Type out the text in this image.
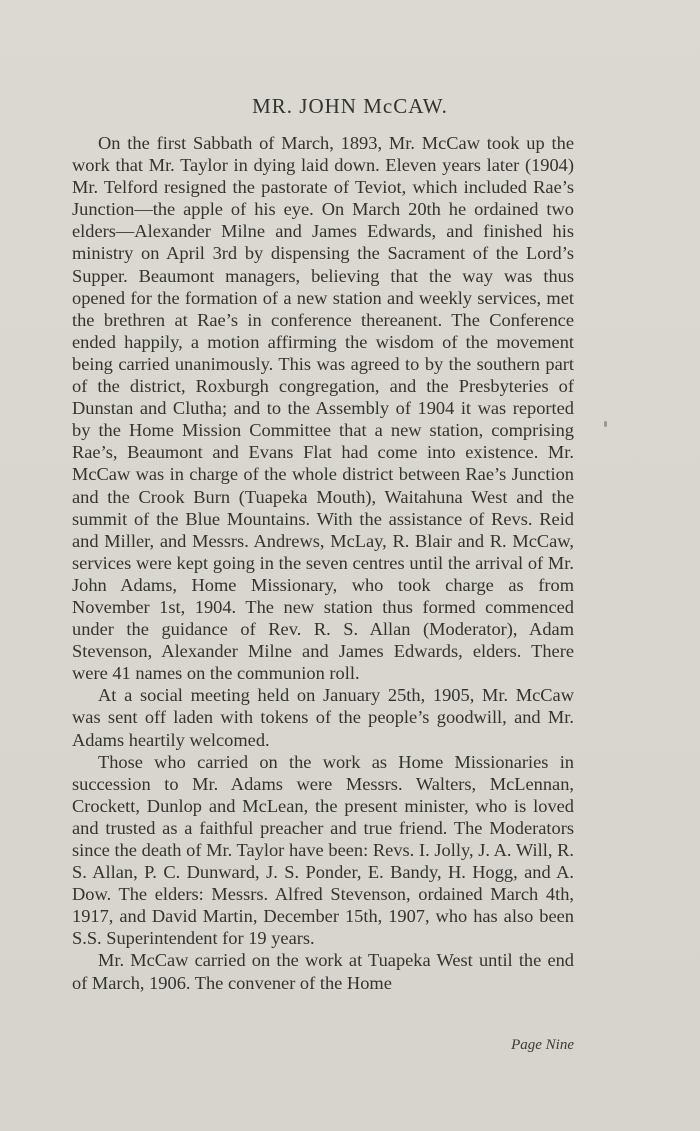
MR. JOHN McCAW.

On the first Sabbath of March, 1893, Mr. McCaw took up the work that Mr. Taylor in dying laid down. Eleven years later (1904) Mr. Telford resigned the pastorate of Teviot, which included Rae’s Junction—the apple of his eye. On March 20th he ordained two elders—Alexander Milne and James Edwards, and finished his ministry on April 3rd by dispensing the Sacrament of the Lord’s Supper. Beaumont managers, believing that the way was thus opened for the formation of a new station and weekly services, met the brethren at Rae’s in conference thereanent. The Conference ended happily, a motion affirming the wisdom of the movement being carried unanimously. This was agreed to by the southern part of the district, Roxburgh congregation, and the Presbyteries of Dunstan and Clutha; and to the Assembly of 1904 it was reported by the Home Mission Committee that a new station, comprising Rae’s, Beaumont and Evans Flat had come into existence. Mr. McCaw was in charge of the whole district between Rae’s Junction and the Crook Burn (Tuapeka Mouth), Waitahuna West and the summit of the Blue Mountains. With the assistance of Revs. Reid and Miller, and Messrs. Andrews, McLay, R. Blair and R. McCaw, services were kept going in the seven centres until the arrival of Mr. John Adams, Home Missionary, who took charge as from November 1st, 1904. The new station thus formed commenced under the guidance of Rev. R. S. Allan (Moderator), Adam Stevenson, Alexander Milne and James Edwards, elders. There were 41 names on the communion roll.

At a social meeting held on January 25th, 1905, Mr. McCaw was sent off laden with tokens of the people’s goodwill, and Mr. Adams heartily welcomed.

Those who carried on the work as Home Missionaries in succession to Mr. Adams were Messrs. Walters, McLennan, Crockett, Dunlop and McLean, the present minister, who is loved and trusted as a faithful preacher and true friend. The Moderators since the death of Mr. Taylor have been: Revs. I. Jolly, J. A. Will, R. S. Allan, P. C. Dunward, J. S. Ponder, E. Bandy, H. Hogg, and A. Dow. The elders: Messrs. Alfred Stevenson, ordained March 4th, 1917, and David Martin, December 15th, 1907, who has also been S.S. Superintendent for 19 years.

Mr. McCaw carried on the work at Tuapeka West until the end of March, 1906. The convener of the Home

Page Nine
